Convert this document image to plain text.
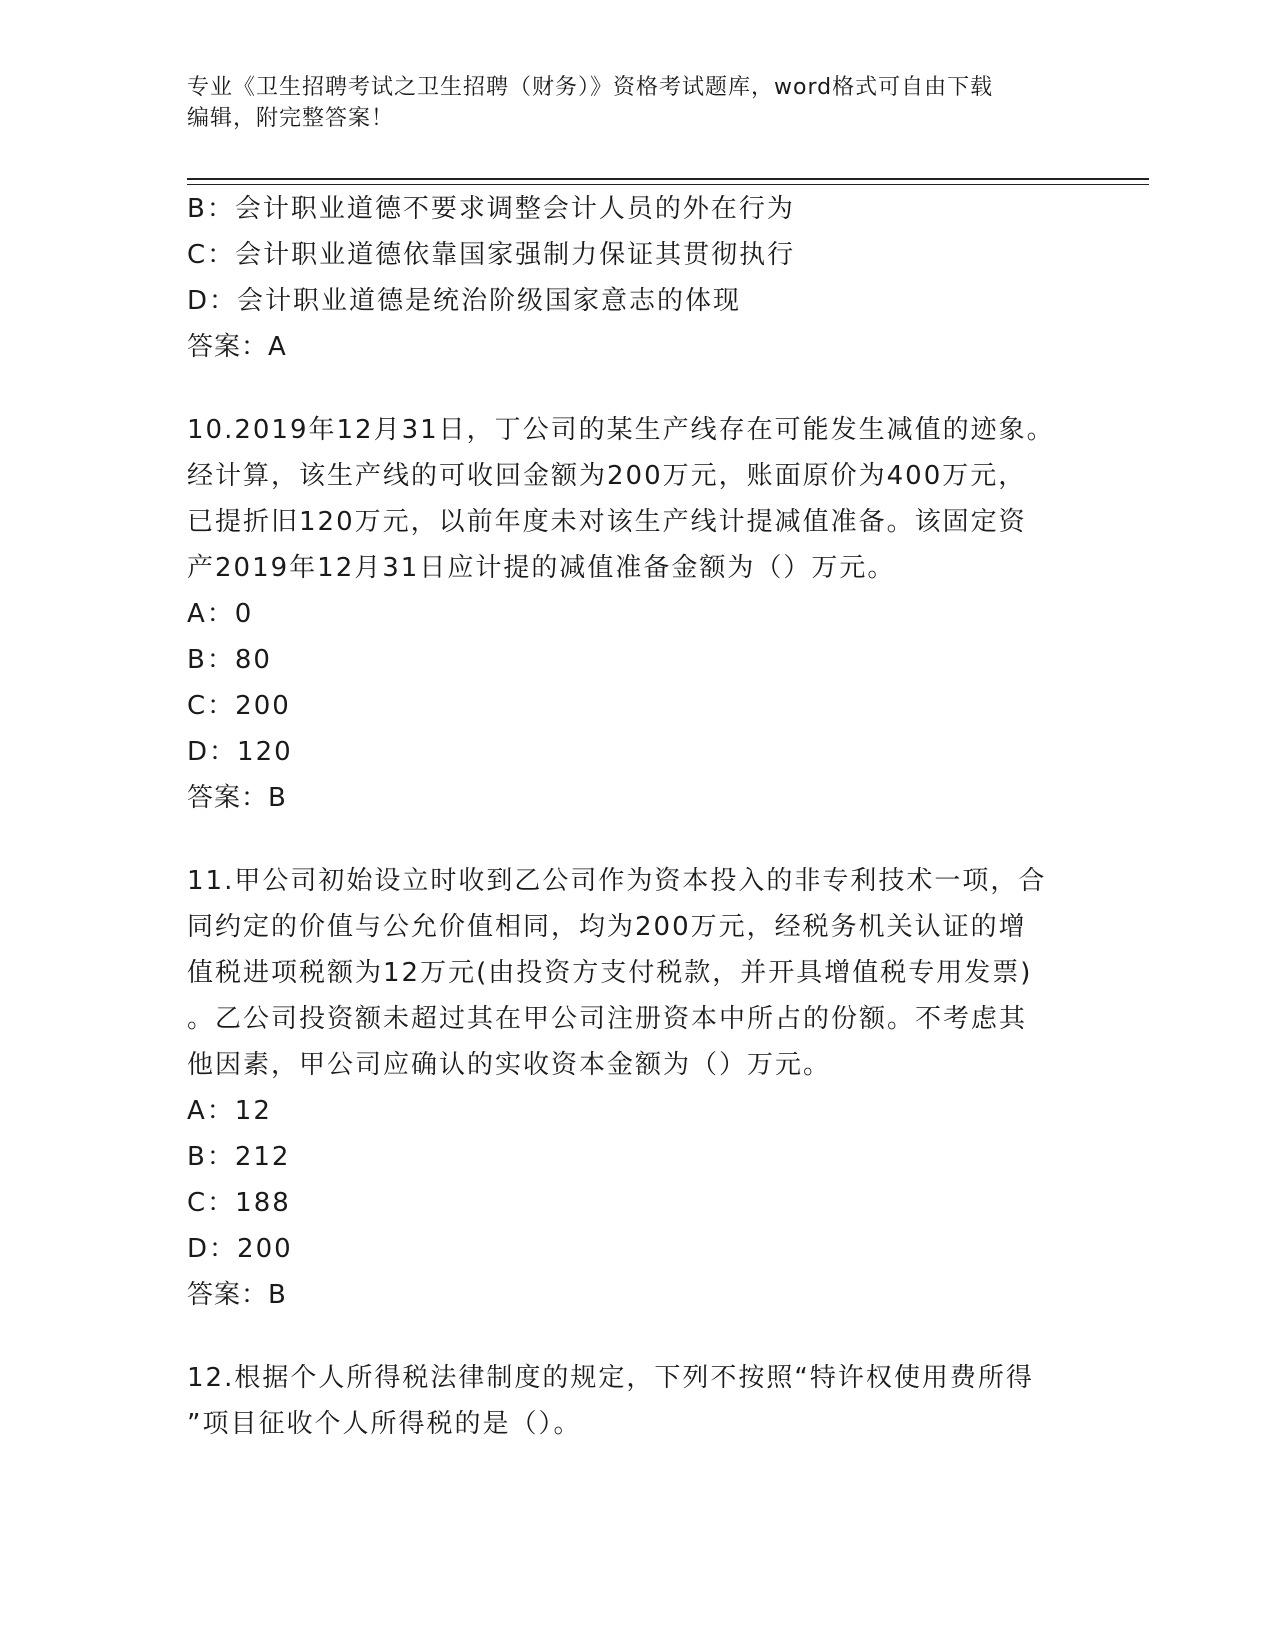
专业《卫生招聘考试之卫生招聘（财务）》资格考试题库，word格式可自由下载
编辑，附完整答案！
B：会计职业道德不要求调整会计人员的外在行为
C：会计职业道德依靠国家强制力保证其贯彻执行
D：会计职业道德是统治阶级国家意志的体现
答案：A
10.2019年12月31日，丁公司的某生产线存在可能发生减值的迹象。
经计算，该生产线的可收回金额为200万元，账面原价为400万元，
已提折旧120万元，以前年度未对该生产线计提减值准备。该固定资
产2019年12月31日应计提的减值准备金额为（）万元。
A：0
B：80
C：200
D：120
答案：B
11.甲公司初始设立时收到乙公司作为资本投入的非专利技术一项，合
同约定的价值与公允价值相同，均为200万元，经税务机关认证的增
值税进项税额为12万元(由投资方支付税款，并开具增值税专用发票)
。乙公司投资额未超过其在甲公司注册资本中所占的份额。不考虑其
他因素，甲公司应确认的实收资本金额为（）万元。
A：12
B：212
C：188
D：200
答案：B
12.根据个人所得税法律制度的规定，下列不按照“特许权使用费所得
”项目征收个人所得税的是（）。
